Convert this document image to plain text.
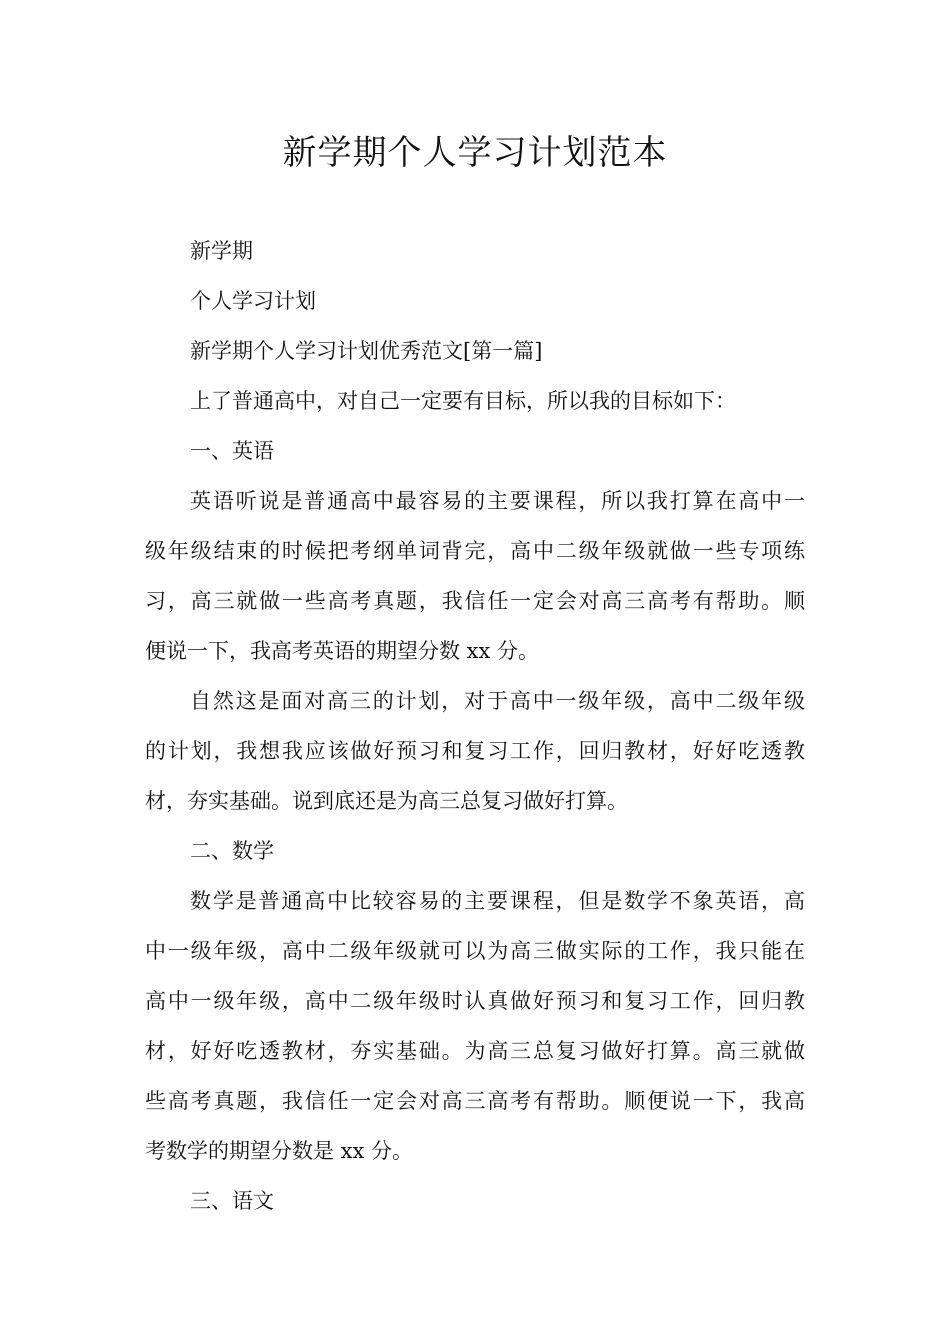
新学期个人学习计划范本

新学期

个人学习计划

新学期个人学习计划优秀范文[第一篇]

上了普通高中，对自己一定要有目标，所以我的目标如下：

一、英语

英语听说是普通高中最容易的主要课程，所以我打算在高中一

级年级结束的时候把考纲单词背完，高中二级年级就做一些专项练

习，高三就做一些高考真题，我信任一定会对高三高考有帮助。顺

便说一下，我高考英语的期望分数 xx 分。

自然这是面对高三的计划，对于高中一级年级，高中二级年级

的计划，我想我应该做好预习和复习工作，回归教材，好好吃透教

材，夯实基础。说到底还是为高三总复习做好打算。

二、数学

数学是普通高中比较容易的主要课程，但是数学不象英语，高

中一级年级，高中二级年级就可以为高三做实际的工作，我只能在

高中一级年级，高中二级年级时认真做好预习和复习工作，回归教

材，好好吃透教材，夯实基础。为高三总复习做好打算。高三就做

些高考真题，我信任一定会对高三高考有帮助。顺便说一下，我高

考数学的期望分数是 xx 分。

三、语文
